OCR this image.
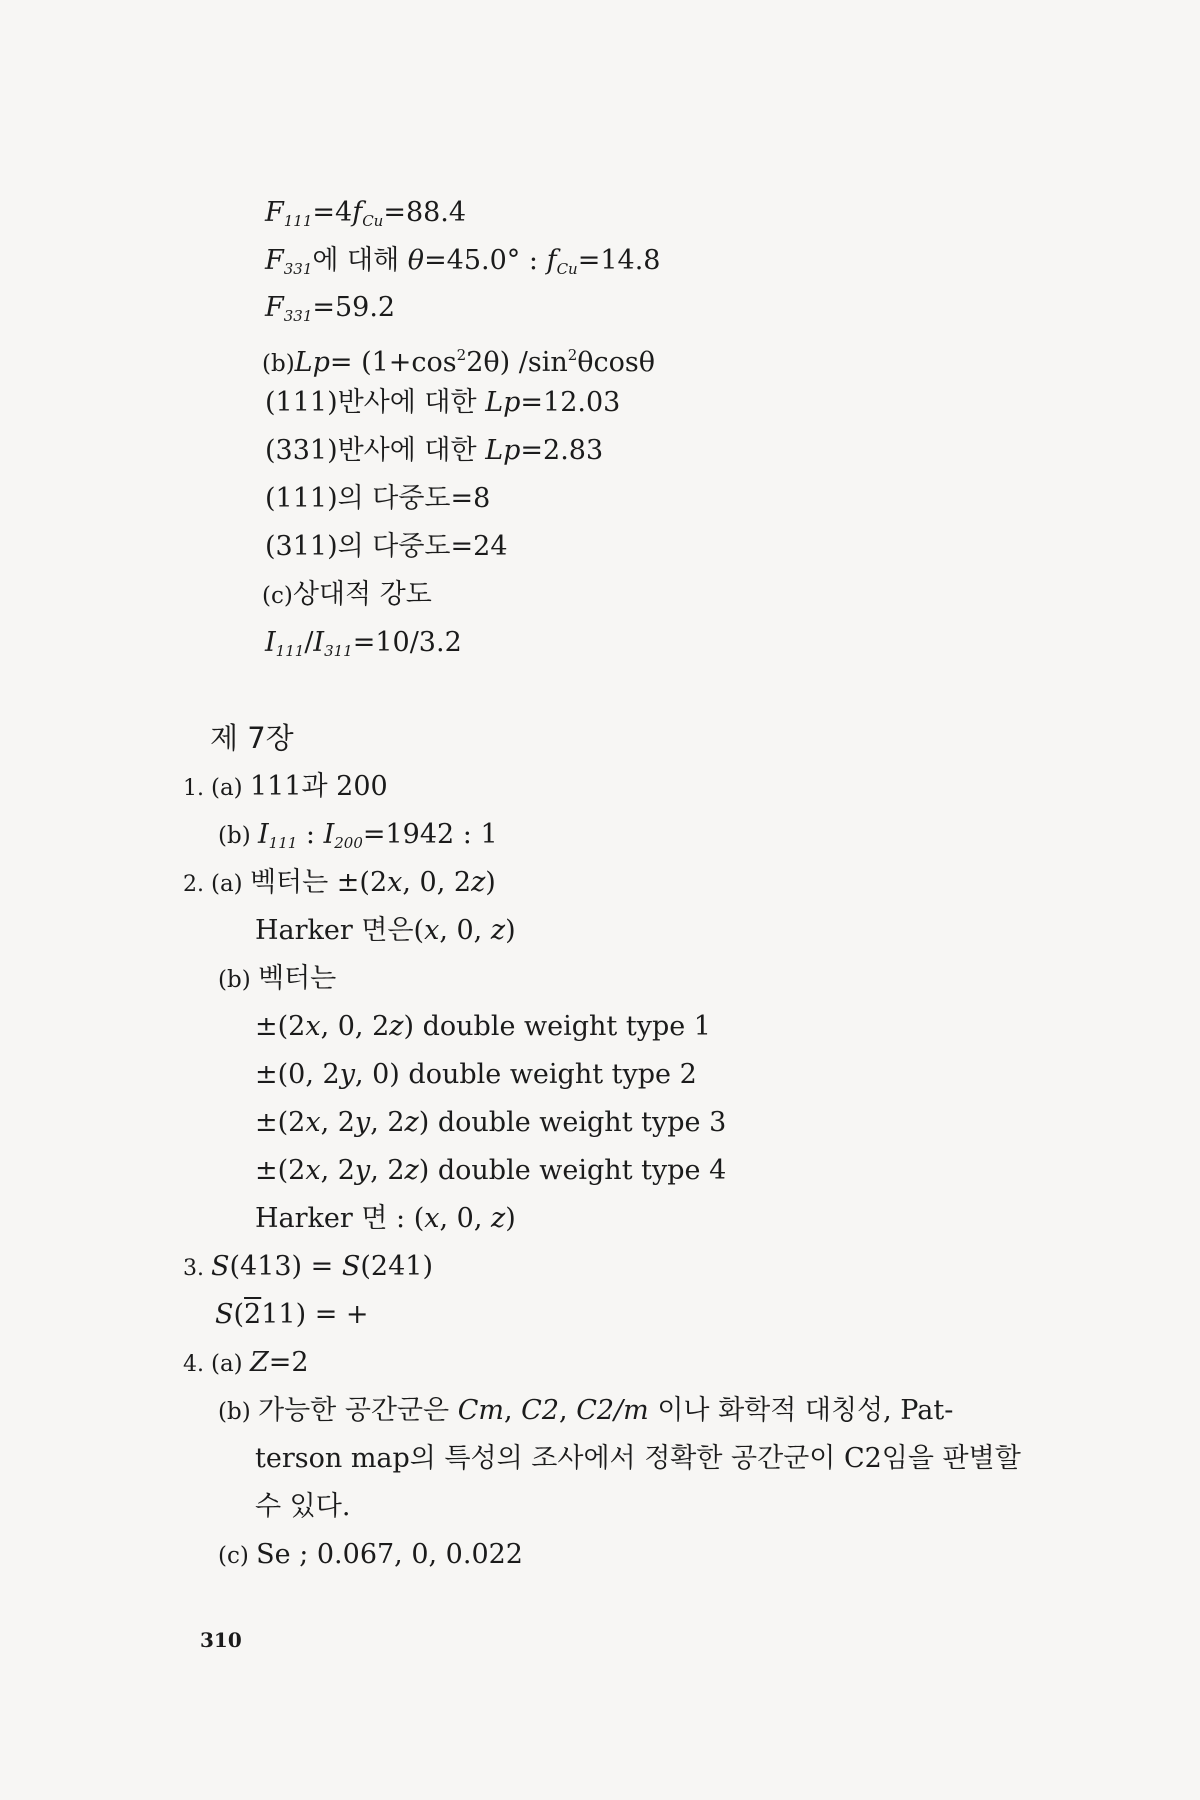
$F_{111}=4f_{Cu}=88.4$
$F_{331}$에 대해 θ=45.0° : $f_{Cu}=14.8$
$F_{331}=59.2$
$(b)Lp= (1+\cos^22\theta)$ $/\sin^2\theta\cos\theta$
(111)반사에 대한 Lp=12.03
(331)반사에 대한 Lp=2.83
(111)의 다중도=8
(311)의 다중도=24
(c)상대적 강도
$I_{111}/I_{311}=10/3.2$
제 7장
1. (a) 111과 200
(b) $I_{111}$ : $I_{200}=1942$ : 1
2. (a) 벡터는 ±(2x, 0, 2z)
Harker 면은(x, 0, z)
(b) 벡터는
±(2x, 0, 2z) double weight type 1
±(0, 2y, 0) double weight type 2
±(2x, 2y, 2z) double weight type 3
±(2x, 2y, 2z) double weight type 4
Harker 면 : (x, 0, z)
3. S(413) = S(241)
S(211) = +
4. (a) Z=2
(b) 가능한 공간군은 Cm, C2, C2/m 이나 화학적 대칭성, Pat-
terson map의 특성의 조사에서 정확한 공간군이 C2임을 판별할
수 있다.
(c) Se ; 0.067, 0, 0.022
310
